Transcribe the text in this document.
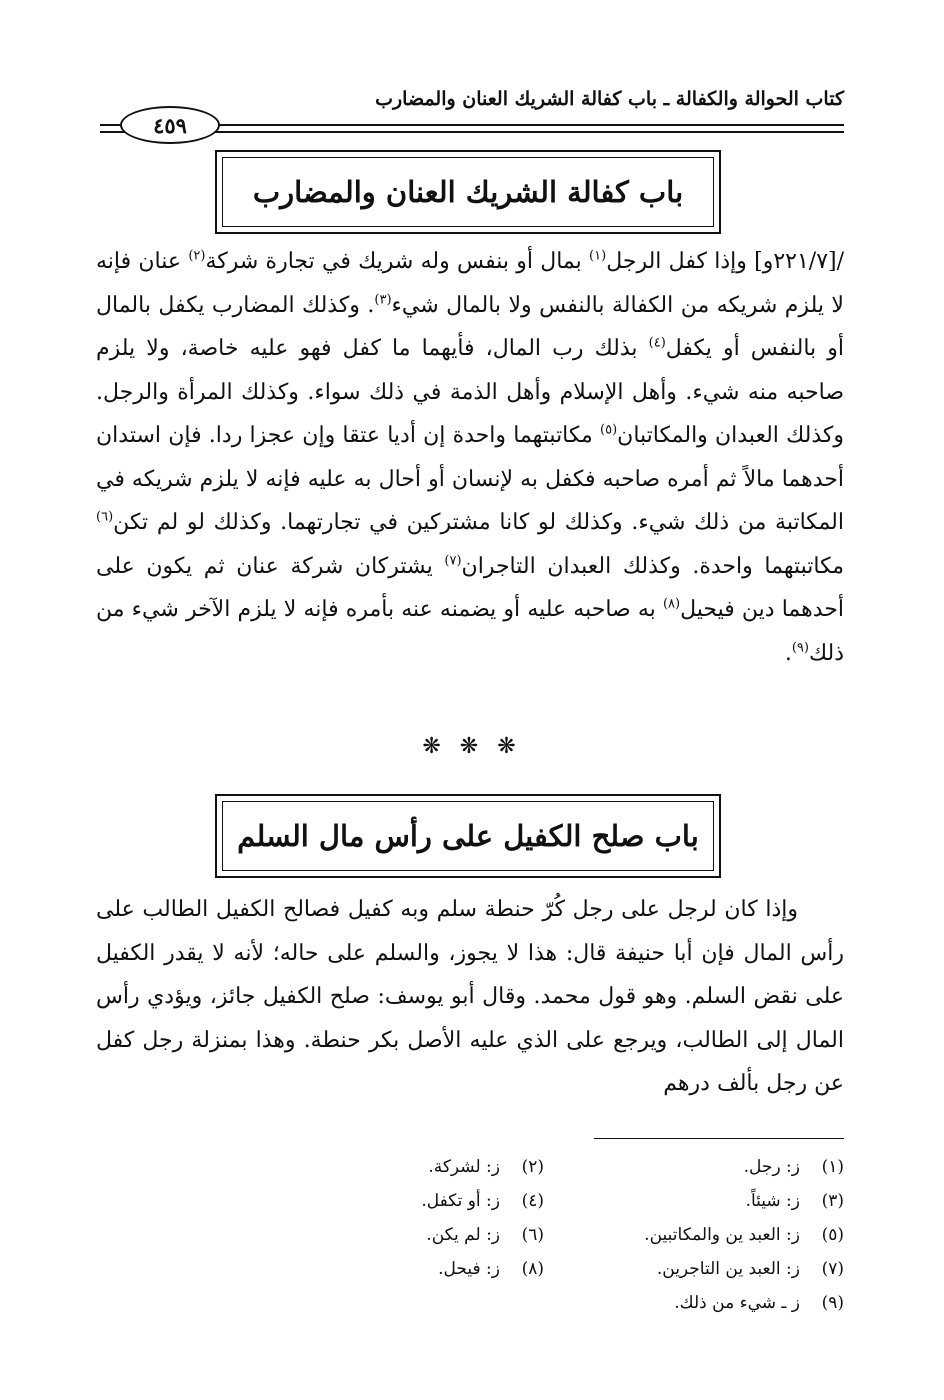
كتاب الحوالة والكفالة ـ باب كفالة الشريك العنان والمضارب
٤٥٩
باب كفالة الشريك العنان والمضارب
/[٢٢١/٧و] وإذا كفل الرجل$^{(١)}$ بمال أو بنفس وله شريك في تجارة شركة$^{(٢)}$ عنان فإنه لا يلزم شريكه من الكفالة بالنفس ولا بالمال شيء$^{(٣)}$. وكذلك المضارب يكفل بالمال أو بالنفس أو يكفل$^{(٤)}$ بذلك رب المال، فأيهما ما كفل فهو عليه خاصة، ولا يلزم صاحبه منه شيء. وأهل الإسلام وأهل الذمة في ذلك سواء. وكذلك المرأة والرجل. وكذلك العبدان والمكاتبان$^{(٥)}$ مكاتبتهما واحدة إن أديا عتقا وإن عجزا ردا. فإن استدان أحدهما مالاً ثم أمره صاحبه فكفل به لإنسان أو أحال به عليه فإنه لا يلزم شريكه في المكاتبة من ذلك شيء. وكذلك لو كانا مشتركين في تجارتهما. وكذلك لو لم تكن$^{(٦)}$ مكاتبتهما واحدة. وكذلك العبدان التاجران$^{(٧)}$ يشتركان شركة عنان ثم يكون على أحدهما دين فيحيل$^{(٨)}$ به صاحبه عليه أو يضمنه عنه بأمره فإنه لا يلزم الآخر شيء من ذلك$^{(٩)}$.
❋ ❋ ❋
باب صلح الكفيل على رأس مال السلم
وإذا كان لرجل على رجل كُرّ حنطة سلم وبه كفيل فصالح الكفيل الطالب على رأس المال فإن أبا حنيفة قال: هذا لا يجوز، والسلم على حاله؛ لأنه لا يقدر الكفيل على نقض السلم. وهو قول محمد. وقال أبو يوسف: صلح الكفيل جائز، ويؤدي رأس المال إلى الطالب، ويرجع على الذي عليه الأصل بكر حنطة. وهذا بمنزلة رجل كفل عن رجل بألف درهم
(١)ز: رجل.
(٢)ز: لشركة.
(٣)ز: شيئاً.
(٤)ز: أو تكفل.
(٥)ز: العبد ين والمكاتبين.
(٦)ز: لم يكن.
(٧)ز: العبد ين التاجرين.
(٨)ز: فيحل.
(٩)ز ـ شيء من ذلك.
